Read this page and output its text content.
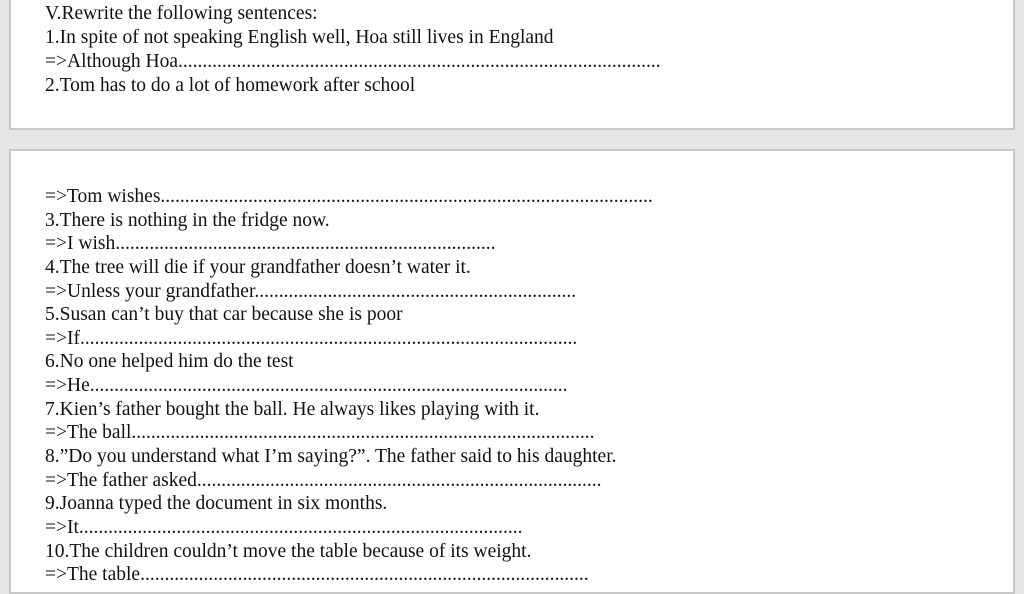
V.Rewrite the following sentences:

1.In spite of not speaking English well, Hoa still lives in England

=>Although Hoa...................................................................................................

2.Tom has to do a lot of homework after school

=>Tom wishes.....................................................................................................

3.There is nothing in the fridge now.

=>I wish..............................................................................

4.The tree will die if your grandfather doesn’t water it.

=>Unless your grandfather..................................................................

5.Susan can’t buy that car because she is poor

=>If......................................................................................................

6.No one helped him do the test

=>He..................................................................................................

7.Kien’s father bought the ball. He always likes playing with it.

=>The ball...............................................................................................

8.”Do you understand what I’m saying?”. The father said to his daughter.

=>The father asked...................................................................................

9.Joanna typed the document in six months.

=>It...........................................................................................

10.The children couldn’t move the table because of its weight.

=>The table............................................................................................
